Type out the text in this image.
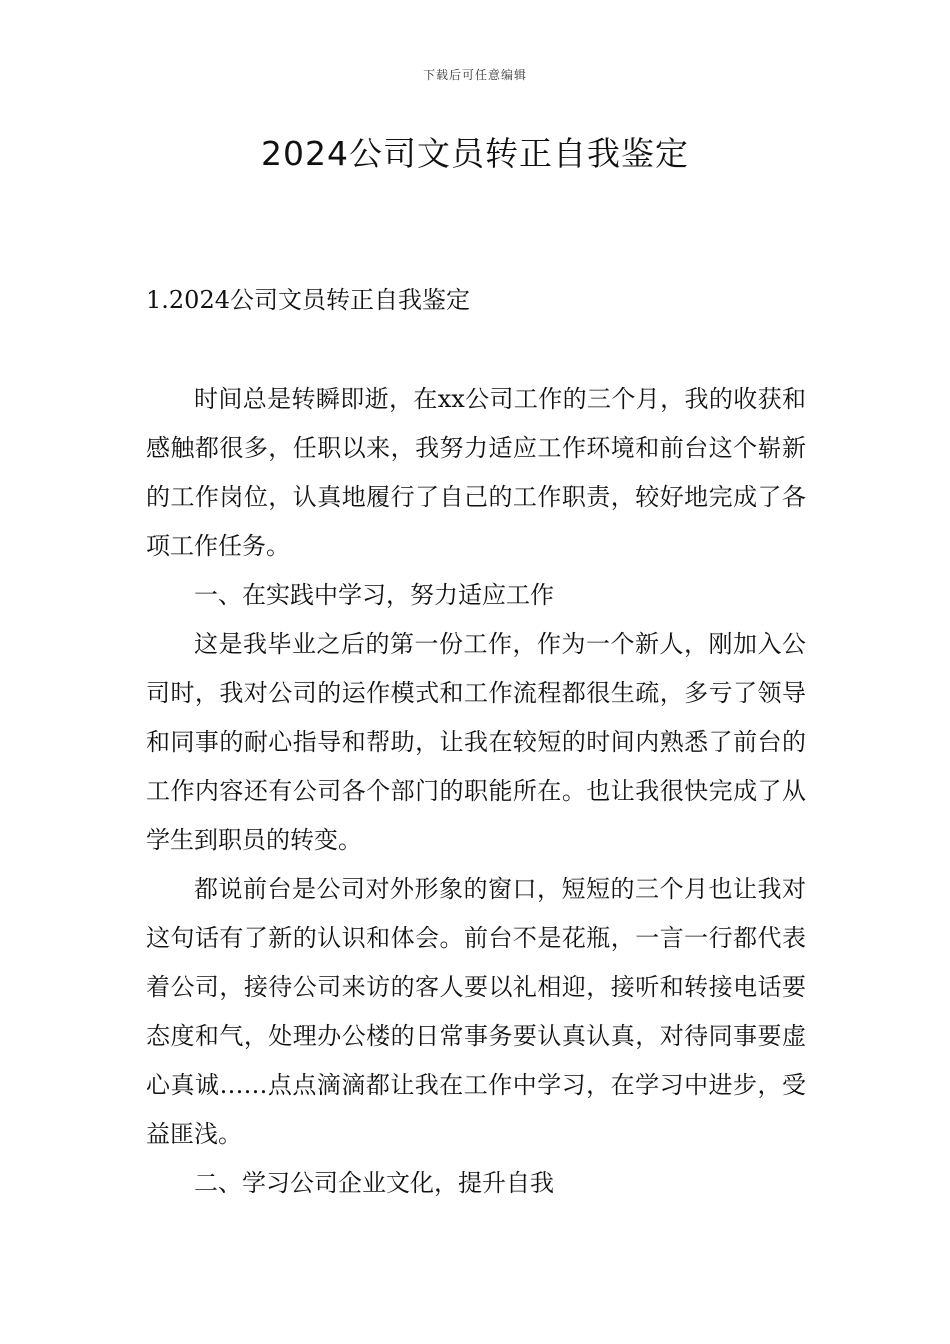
下载后可任意编辑
2024公司文员转正自我鉴定
1.2024公司文员转正自我鉴定

时间总是转瞬即逝，在xx公司工作的三个月，我的收获和感触都很多，任职以来，我努力适应工作环境和前台这个崭新的工作岗位，认真地履行了自己的工作职责，较好地完成了各项工作任务。

一、在实践中学习，努力适应工作

这是我毕业之后的第一份工作，作为一个新人，刚加入公司时，我对公司的运作模式和工作流程都很生疏，多亏了领导和同事的耐心指导和帮助，让我在较短的时间内熟悉了前台的工作内容还有公司各个部门的职能所在。也让我很快完成了从学生到职员的转变。

都说前台是公司对外形象的窗口，短短的三个月也让我对这句话有了新的认识和体会。前台不是花瓶，一言一行都代表着公司，接待公司来访的客人要以礼相迎，接听和转接电话要态度和气，处理办公楼的日常事务要认真认真，对待同事要虚心真诚……点点滴滴都让我在工作中学习，在学习中进步，受益匪浅。

二、学习公司企业文化，提升自我
